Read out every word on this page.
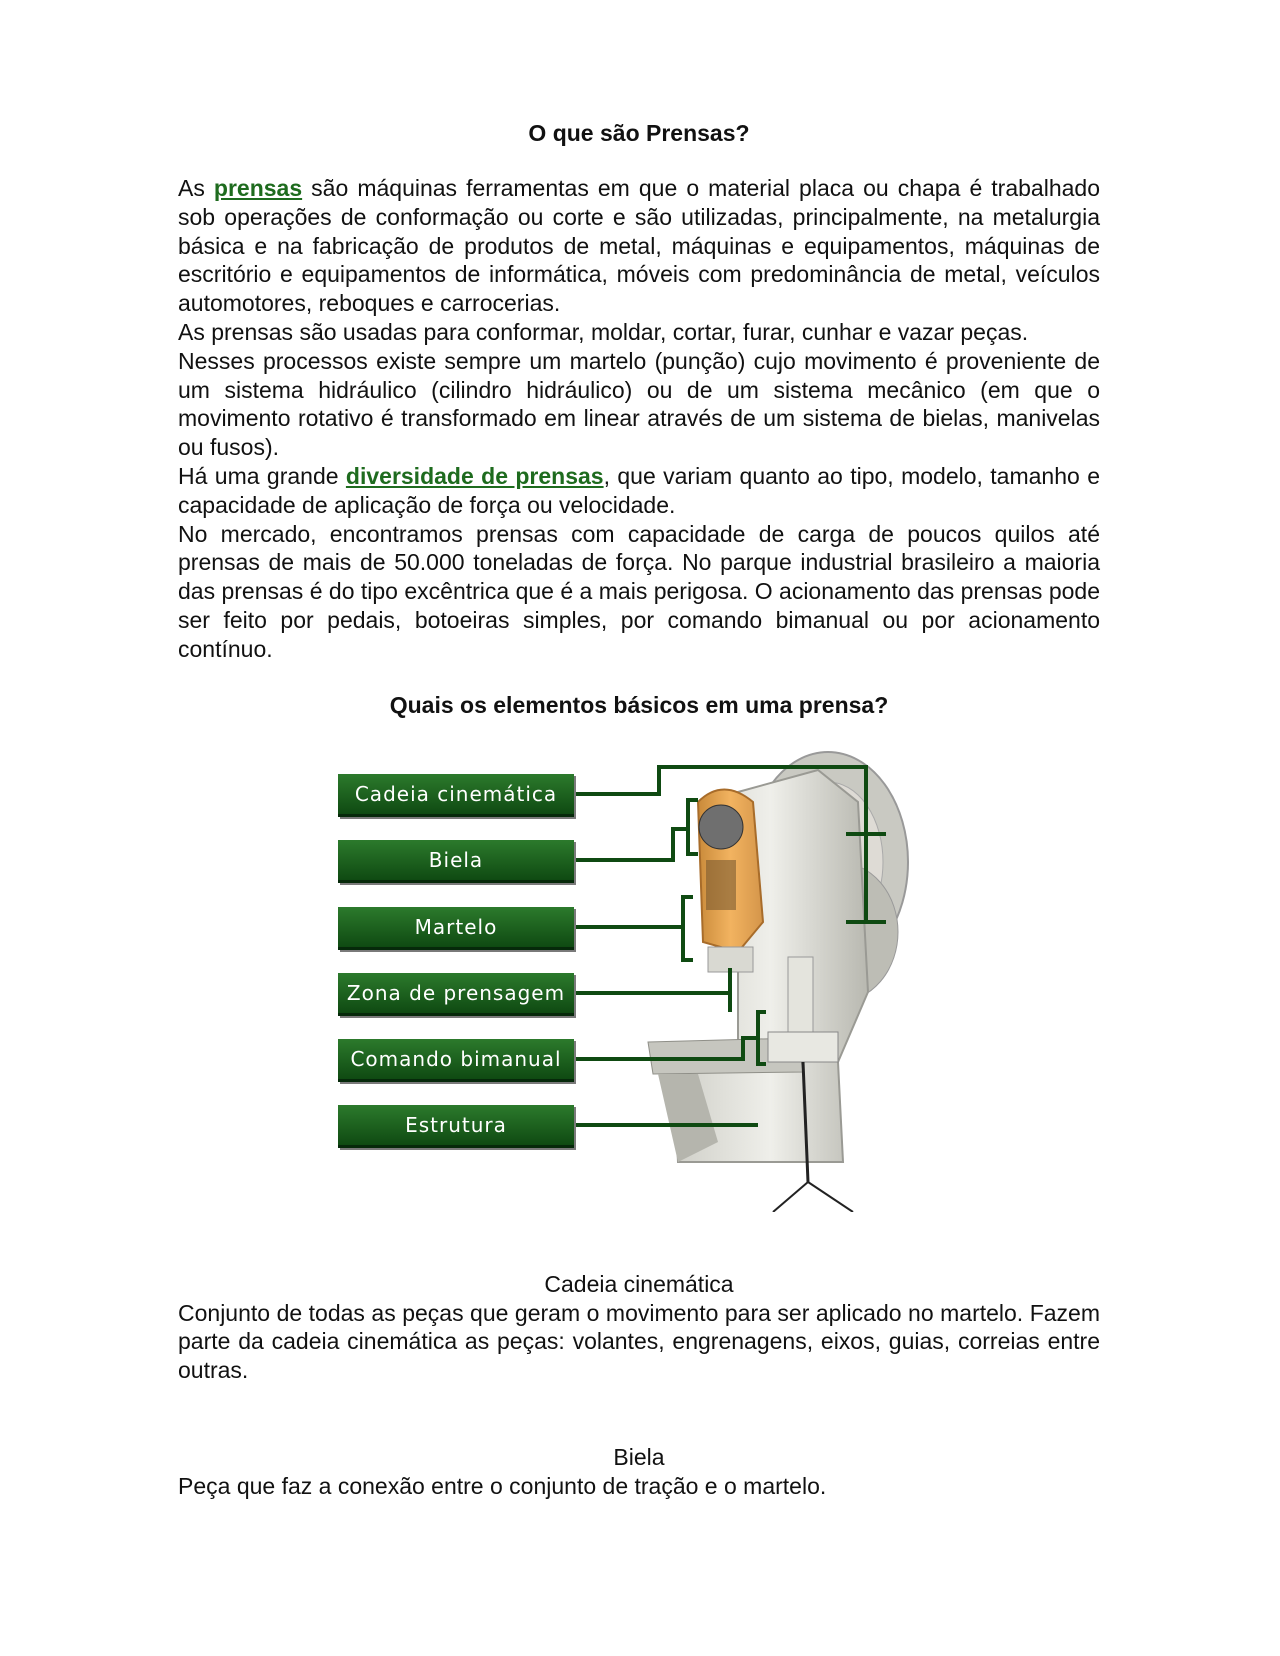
O que são Prensas?

As prensas são máquinas ferramentas em que o material placa ou chapa é trabalhado sob operações de conformação ou corte e são utilizadas, principalmente, na metalurgia básica e na fabricação de produtos de metal, máquinas e equipamentos, máquinas de escritório e equipamentos de informática, móveis com predominância de metal, veículos automotores, reboques e carrocerias.

As prensas são usadas para conformar, moldar, cortar, furar, cunhar e vazar peças.

Nesses processos existe sempre um martelo (punção) cujo movimento é proveniente de um sistema hidráulico (cilindro hidráulico) ou de um sistema mecânico (em que o movimento rotativo é transformado em linear através de um sistema de bielas, manivelas ou fusos).

Há uma grande diversidade de prensas, que variam quanto ao tipo, modelo, tamanho e capacidade de aplicação de força ou velocidade.

No mercado, encontramos prensas com capacidade de carga de poucos quilos até prensas de mais de 50.000 toneladas de força. No parque industrial brasileiro a maioria das prensas é do tipo excêntrica que é a mais perigosa. O acionamento das prensas pode ser feito por pedais, botoeiras simples, por comando bimanual ou por acionamento contínuo.

Quais os elementos básicos em uma prensa?
Cadeia cinemática
Biela
Martelo
Zona de prensagem
Comando bimanual
Estrutura

Cadeia cinemática

Conjunto de todas as peças que geram o movimento para ser aplicado no martelo. Fazem parte da cadeia cinemática as peças: volantes, engrenagens, eixos, guias, correias entre outras.

Biela

Peça que faz a conexão entre o conjunto de tração e o martelo.
